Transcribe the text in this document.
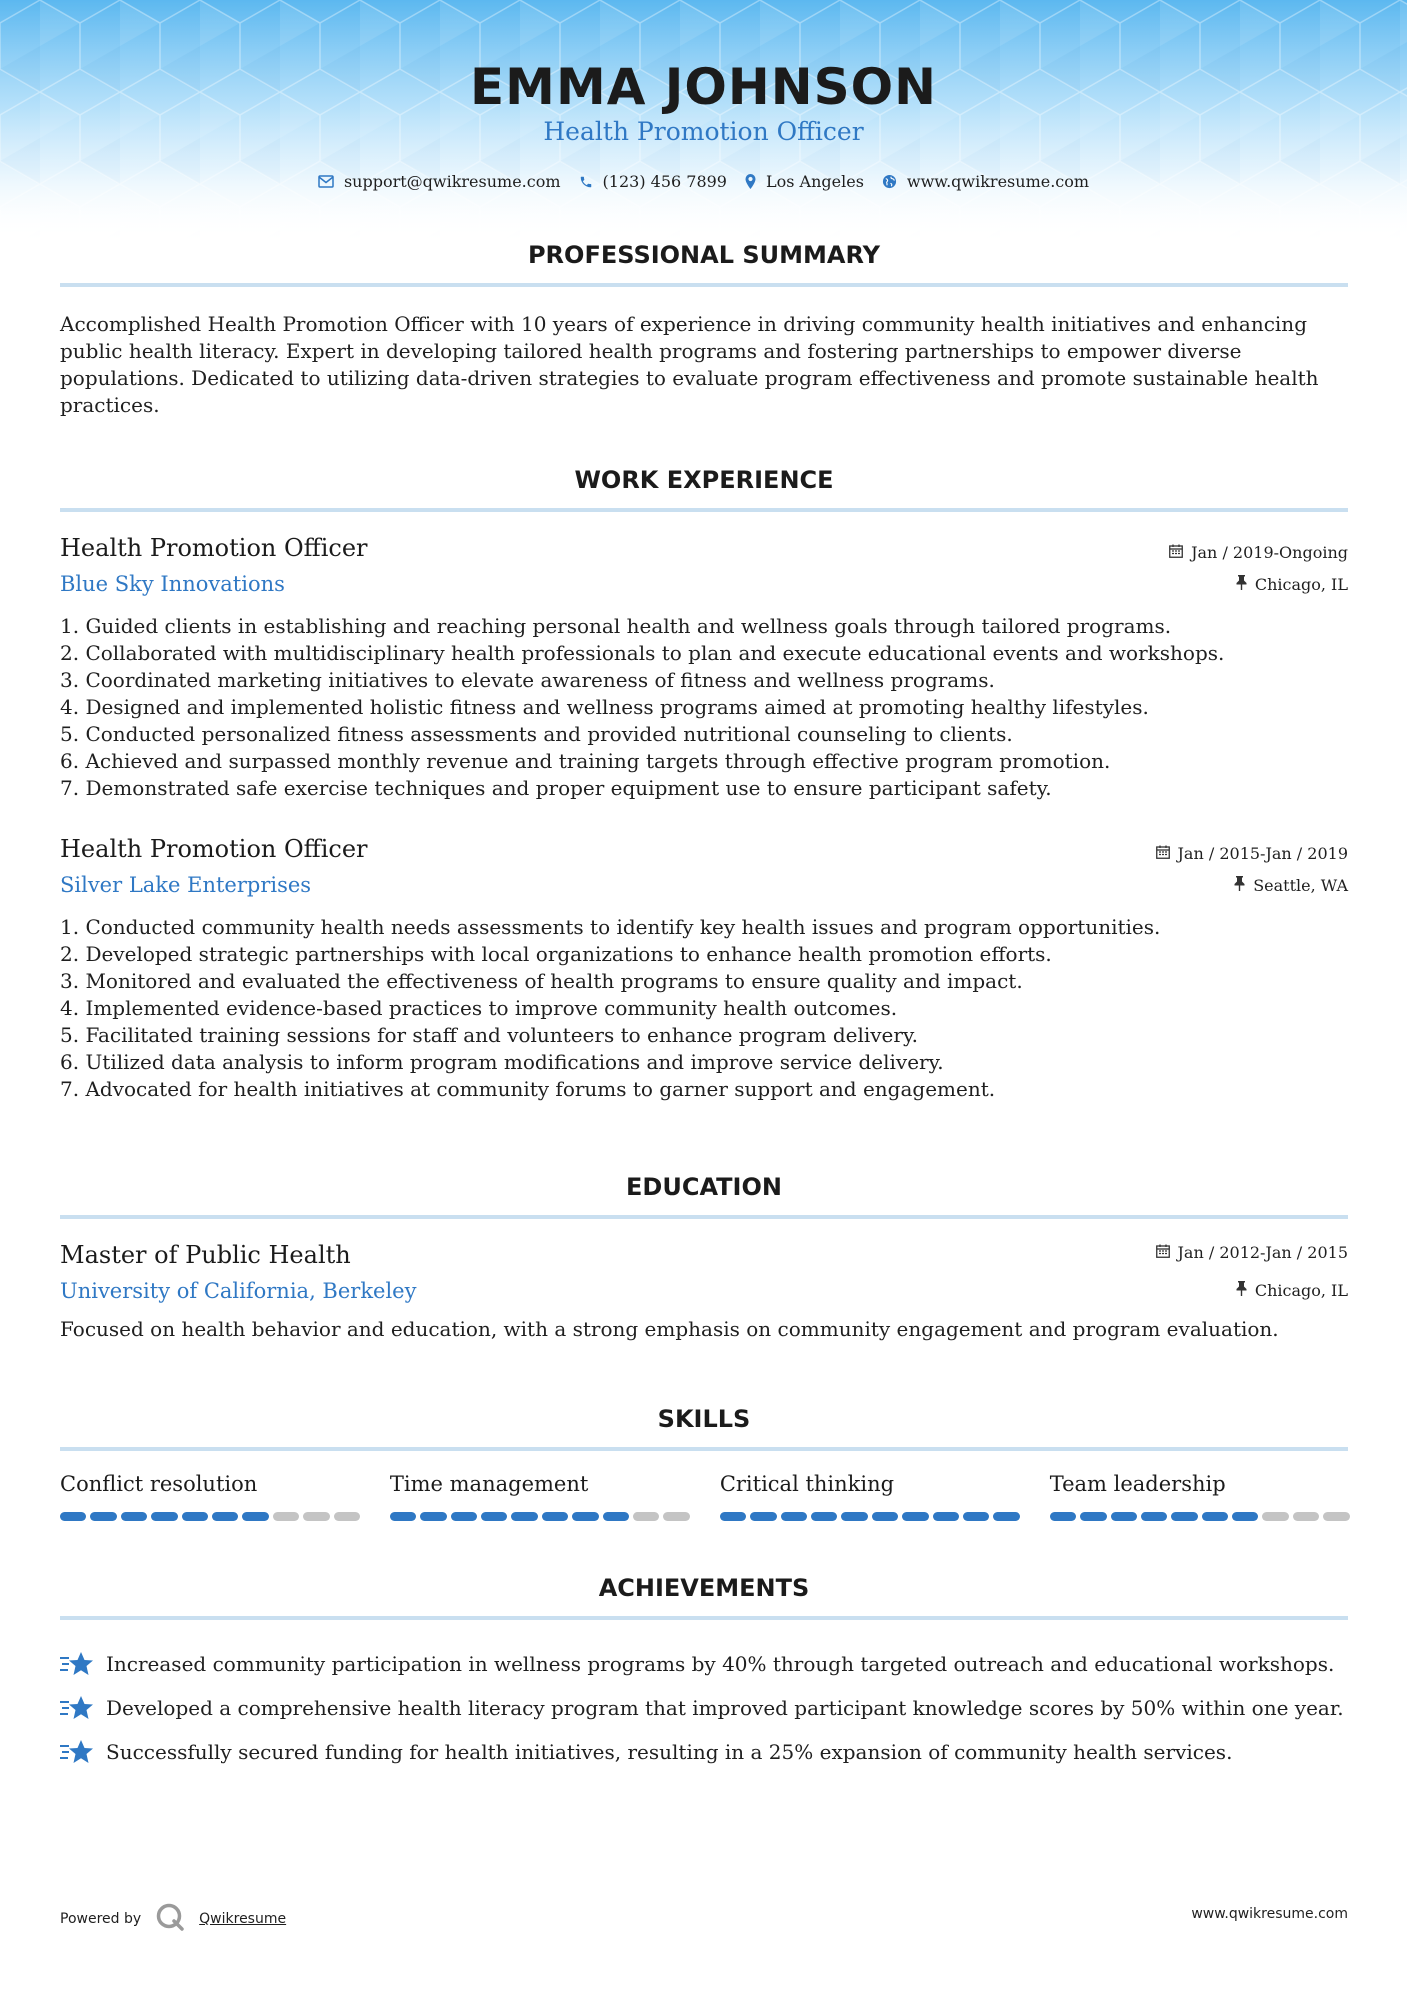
EMMA JOHNSON
Health Promotion Officer
support@qwikresume.com	(123) 456 7899 Los Angeles	www.qwikresume.com
PROFESSIONAL SUMMARY
Accomplished Health Promotion Officer with 10 years of experience in driving community health initiatives and enhancing public health literacy. Expert in developing tailored health programs and fostering partnerships to empower diverse populations. Dedicated to utilizing data-driven strategies to evaluate program effectiveness and promote sustainable health practices.
WORK EXPERIENCE
Health Promotion Officer	Jan / 2019-Ongoing
Blue Sky Innovations	Chicago, IL
1. Guided clients in establishing and reaching personal health and wellness goals through tailored programs.
2. Collaborated with multidisciplinary health professionals to plan and execute educational events and workshops.
3. Coordinated marketing initiatives to elevate awareness of fitness and wellness programs.
4. Designed and implemented holistic fitness and wellness programs aimed at promoting healthy lifestyles.
5. Conducted personalized fitness assessments and provided nutritional counseling to clients.
6. Achieved and surpassed monthly revenue and training targets through effective program promotion.
7. Demonstrated safe exercise techniques and proper equipment use to ensure participant safety.
Health Promotion Officer	Jan / 2015-Jan / 2019
Silver Lake Enterprises	Seattle, WA
1. Conducted community health needs assessments to identify key health issues and program opportunities.
2. Developed strategic partnerships with local organizations to enhance health promotion efforts.
3. Monitored and evaluated the effectiveness of health programs to ensure quality and impact.
4. Implemented evidence-based practices to improve community health outcomes.
5. Facilitated training sessions for staff and volunteers to enhance program delivery.
6. Utilized data analysis to inform program modifications and improve service delivery.
7. Advocated for health initiatives at community forums to garner support and engagement.
EDUCATION
Master of Public Health	Jan / 2012-Jan / 2015
University of California, Berkeley	Chicago, IL
Focused on health behavior and education, with a strong emphasis on community engagement and program evaluation.
SKILLS
Conflict resolution	Time management	Critical thinking	Team leadership
ACHIEVEMENTS
Increased community participation in wellness programs by 40% through targeted outreach and educational workshops.
Developed a comprehensive health literacy program that improved participant knowledge scores by 50% within one year.
Successfully secured funding for health initiatives, resulting in a 25% expansion of community health services.
Powered by	Qwikresume	www.qwikresume.com
